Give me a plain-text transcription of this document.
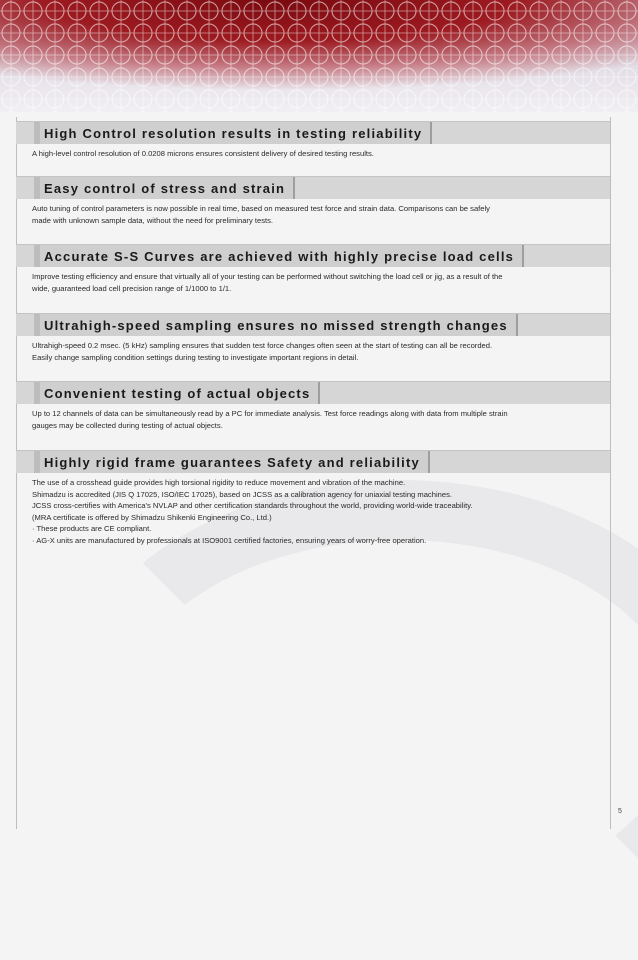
High Control resolution results in testing reliability

A high-level control resolution of 0.0208 microns ensures consistent delivery of desired testing results.

Easy control of stress and strain

Auto tuning of control parameters is now possible in real time, based on measured test force and strain data. Comparisons can be safely

made with unknown sample data, without the need for preliminary tests.

Accurate S-S Curves are achieved with highly precise load cells

Improve testing efficiency and ensure that virtually all of your testing can be performed without switching the load cell or jig, as a result of the

wide, guaranteed load cell precision range of 1/1000 to 1/1.

Ultrahigh-speed sampling ensures no missed strength changes

Ultrahigh-speed 0.2 msec. (5 kHz) sampling ensures that sudden test force changes often seen at the start of testing can all be recorded.

Easily change sampling condition settings during testing to investigate important regions in detail.

Convenient testing of actual objects

Up to 12 channels of data can be simultaneously read by a PC for immediate analysis. Test force readings along with data from multiple strain

gauges may be collected during testing of actual objects.

Highly rigid frame guarantees Safety and reliability

The use of a crosshead guide provides high torsional rigidity to reduce movement and vibration of the machine.

Shimadzu is accredited (JIS Q 17025, ISO/IEC 17025), based on JCSS as a calibration agency for uniaxial testing machines.

JCSS cross-certifies with America's NVLAP and other certification standards throughout the world, providing world-wide traceability.

(MRA certificate is offered by Shimadzu Shikenki Engineering Co., Ltd.)

· These products are CE compliant.

· AG-X units are manufactured by professionals at ISO9001 certified factories, ensuring years of worry-free operation.

5
